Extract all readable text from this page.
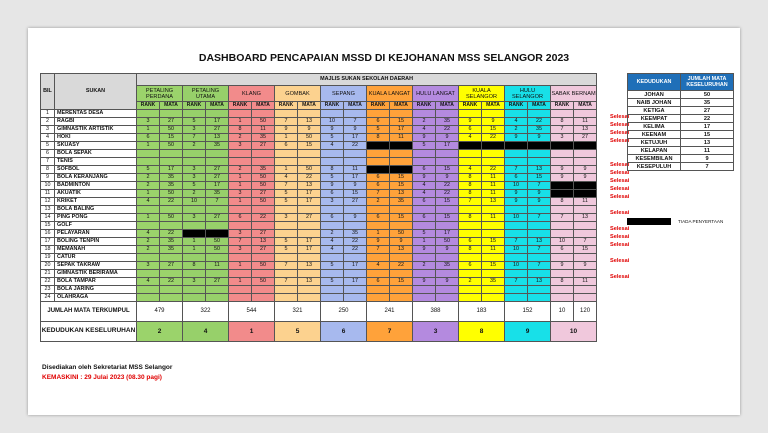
DASHBOARD PENCAPAIAN MSSD DI KEJOHANAN MSS SELANGOR 2023
BIL	SUKAN	MAJLIS SUKAN SEKOLAH DAERAH																			
		PETALING PERDANA		PETALING UTAMA		KLANG		GOMBAK		SEPANG		KUALA LANGAT		HULU LANGAT		KUALA SELANGOR		HULU SELANGOR		SABAK BERNAM	
		RANK	MATA	RANK	MATA	RANK	MATA	RANK	MATA	RANK	MATA	RANK	MATA	RANK	MATA	RANK	MATA	RANK	MATA	RANK	MATA
1	MERENTAS DESA																				
2	RAGBI	3	27	5	17	1	50	7	13	10	7	6	15	2	35	9	9	4	22	8	11
3	GIMNASTIK ARTISTIK	1	50	3	27	8	11	9	9	9	9	5	17	4	22	6	15	2	35	7	13
4	HOKI	6	15	7	13	2	35	1	50	5	17	8	11	9	9	4	22	9	9	3	27
5	SKUASY	1	50	2	35	3	27	6	15	4	22			5	17						
6	BOLA SEPAK																				
7	TENIS																				
8	SOFBOL	5	17	3	27	2	35	1	50	8	11			6	15	4	22	7	13	9	9
9	BOLA KERANJANG	2	35	3	27	1	50	4	22	5	17	6	15	9	9	8	11	6	15	9	9
10	BADMINTON	2	35	5	17	1	50	7	13	9	9	6	15	4	22	8	11	10	7		
11	AKUATIK	1	50	2	35	3	27	5	17	6	15	7	13	4	22	8	11	9	9		
12	KRIKET	4	22	10	7	1	50	5	17	3	27	2	35	6	15	7	13	9	9	8	11
13	BOLA BALING																				
14	PING PONG	1	50	3	27	6	22	3	27	6	9	6	15	6	15	8	11	10	7	7	13
15	GOLF																				
16	PELAYARAN	4	22			3	27			2	35	1	50	5	17						
17	BOLING TENPIN	2	35	1	50	7	13	5	17	4	22	9	9	1	50	6	15	7	13	10	7
18	MEMANAH	2	35	1	50	3	27	5	17	4	22	7	13	9	9	8	11	10	7	6	15
19	CATUR																				
20	SEPAK TAKRAW	3	27	8	11	1	50	7	13	5	17	4	22	2	35	6	15	10	7	9	9
21	GIMNASTIK BERIRAMA																				
22	BOLA TAMPAR	4	22	3	27	1	50	7	13	5	17	6	15	9	9	2	35	7	13	8	11
23	BOLA JARING																				
24	OLAHRAGA																				
JUMLAH MATA TERKUMPUL		479		322		544		321		250		241		388		183		152		10	120
KEDUDUKAN KESELURUHAN		2		4		1		5		6		7		3		8		9		10	
Selesai
Selesai
Selesai
Selesai
Selesai
Selesai
Selesai
Selesai
Selesai
Selesai
Selesai
Selesai
Selesai
Selesai
Selesai
KEDUDUKAN	JUMLAH MATA KESELURUHAN
JOHAN	50
NAIB JOHAN	35
KETIGA	27
KEEMPAT	22
KELIMA	17
KEENAM	15
KETUJUH	13
KELAPAN	11
KESEMBILAN	9
KESEPULUH	7
TIADA PENYERTAAN
Disediakan oleh Sekretariat MSS Selangor
KEMASKINI : 29 Julai 2023 (08.30 pagi)
